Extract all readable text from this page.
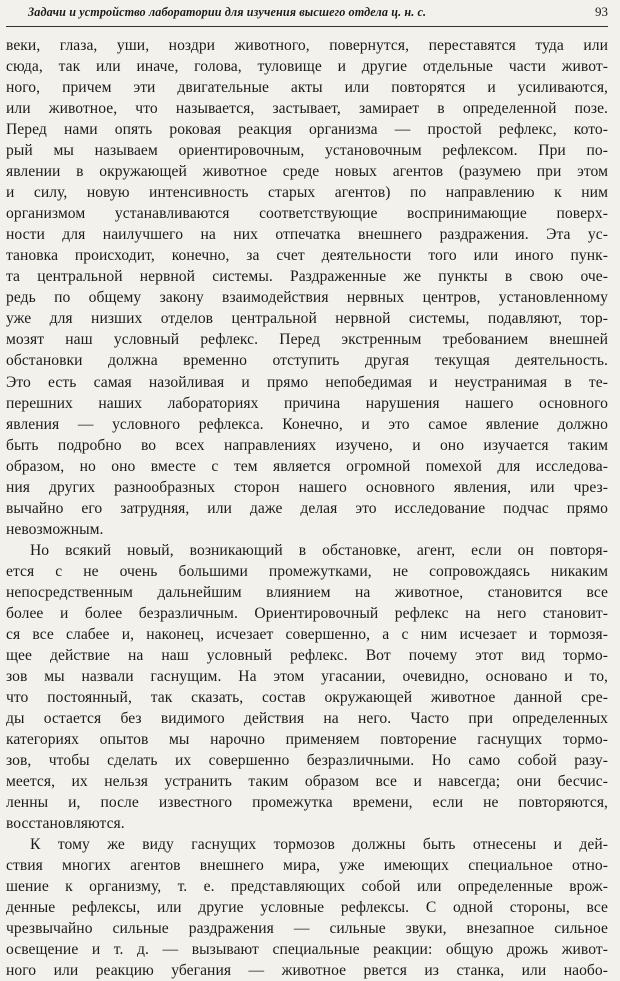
Задачи и устройство лаборатории для изучения высшего отдела ц. н. с.	93
веки, глаза, уши, ноздри животного, повернутся, переставятся туда или
сюда, так или иначе, голова, туловище и другие отдельные части живот-
ного, причем эти двигательные акты или повторятся и усиливаются,
или животное, что называется, застывает, замирает в определенной позе.
Перед нами опять роковая реакция организма — простой рефлекс, кото-
рый мы называем ориентировочным, установочным рефлексом. При по-
явлении в окружающей животное среде новых агентов (разумею при этом
и силу, новую интенсивность старых агентов) по направлению к ним
организмом устанавливаются соответствующие воспринимающие поверх-
ности для наилучшего на них отпечатка внешнего раздражения. Эта ус-
тановка происходит, конечно, за счет деятельности того или иного пунк-
та центральной нервной системы. Раздраженные же пункты в свою оче-
редь по общему закону взаимодействия нервных центров, установленному
уже для низших отделов центральной нервной системы, подавляют, тор-
мозят наш условный рефлекс. Перед экстренным требованием внешней
обстановки должна временно отступить другая текущая деятельность.
Это есть самая назойливая и прямо непобедимая и неустранимая в те-
перешних наших лабораториях причина нарушения нашего основного
явления — условного рефлекса. Конечно, и это самое явление должно
быть подробно во всех направлениях изучено, и оно изучается таким
образом, но оно вместе с тем является огромной помехой для исследова-
ния других разнообразных сторон нашего основного явления, или чрез-
вычайно его затрудняя, или даже делая это исследование подчас прямо
невозможным.
Но всякий новый, возникающий в обстановке, агент, если он повторя-
ется с не очень большими промежутками, не сопровождаясь никаким
непосредственным дальнейшим влиянием на животное, становится все
более и более безразличным. Ориентировочный рефлекс на него становит-
ся все слабее и, наконец, исчезает совершенно, а с ним исчезает и тормозя-
щее действие на наш условный рефлекс. Вот почему этот вид тормо-
зов мы назвали гаснущим. На этом угасании, очевидно, основано и то,
что постоянный, так сказать, состав окружающей животное данной сре-
ды остается без видимого действия на него. Часто при определенных
категориях опытов мы нарочно применяем повторение гаснущих тормо-
зов, чтобы сделать их совершенно безразличными. Но само собой разу-
меется, их нельзя устранить таким образом все и навсегда; они бесчис-
ленны и, после известного промежутка времени, если не повторяются,
восстановляются.
К тому же виду гаснущих тормозов должны быть отнесены и дей-
ствия многих агентов внешнего мира, уже имеющих специальное отно-
шение к организму, т. е. представляющих собой или определенные врож-
денные рефлексы, или другие условные рефлексы. С одной стороны, все
чрезвычайно сильные раздражения — сильные звуки, внезапное сильное
освещение и т. д. — вызывают специальные реакции: общую дрожь живот-
ного или реакцию убегания — животное рвется из станка, или наобо-
